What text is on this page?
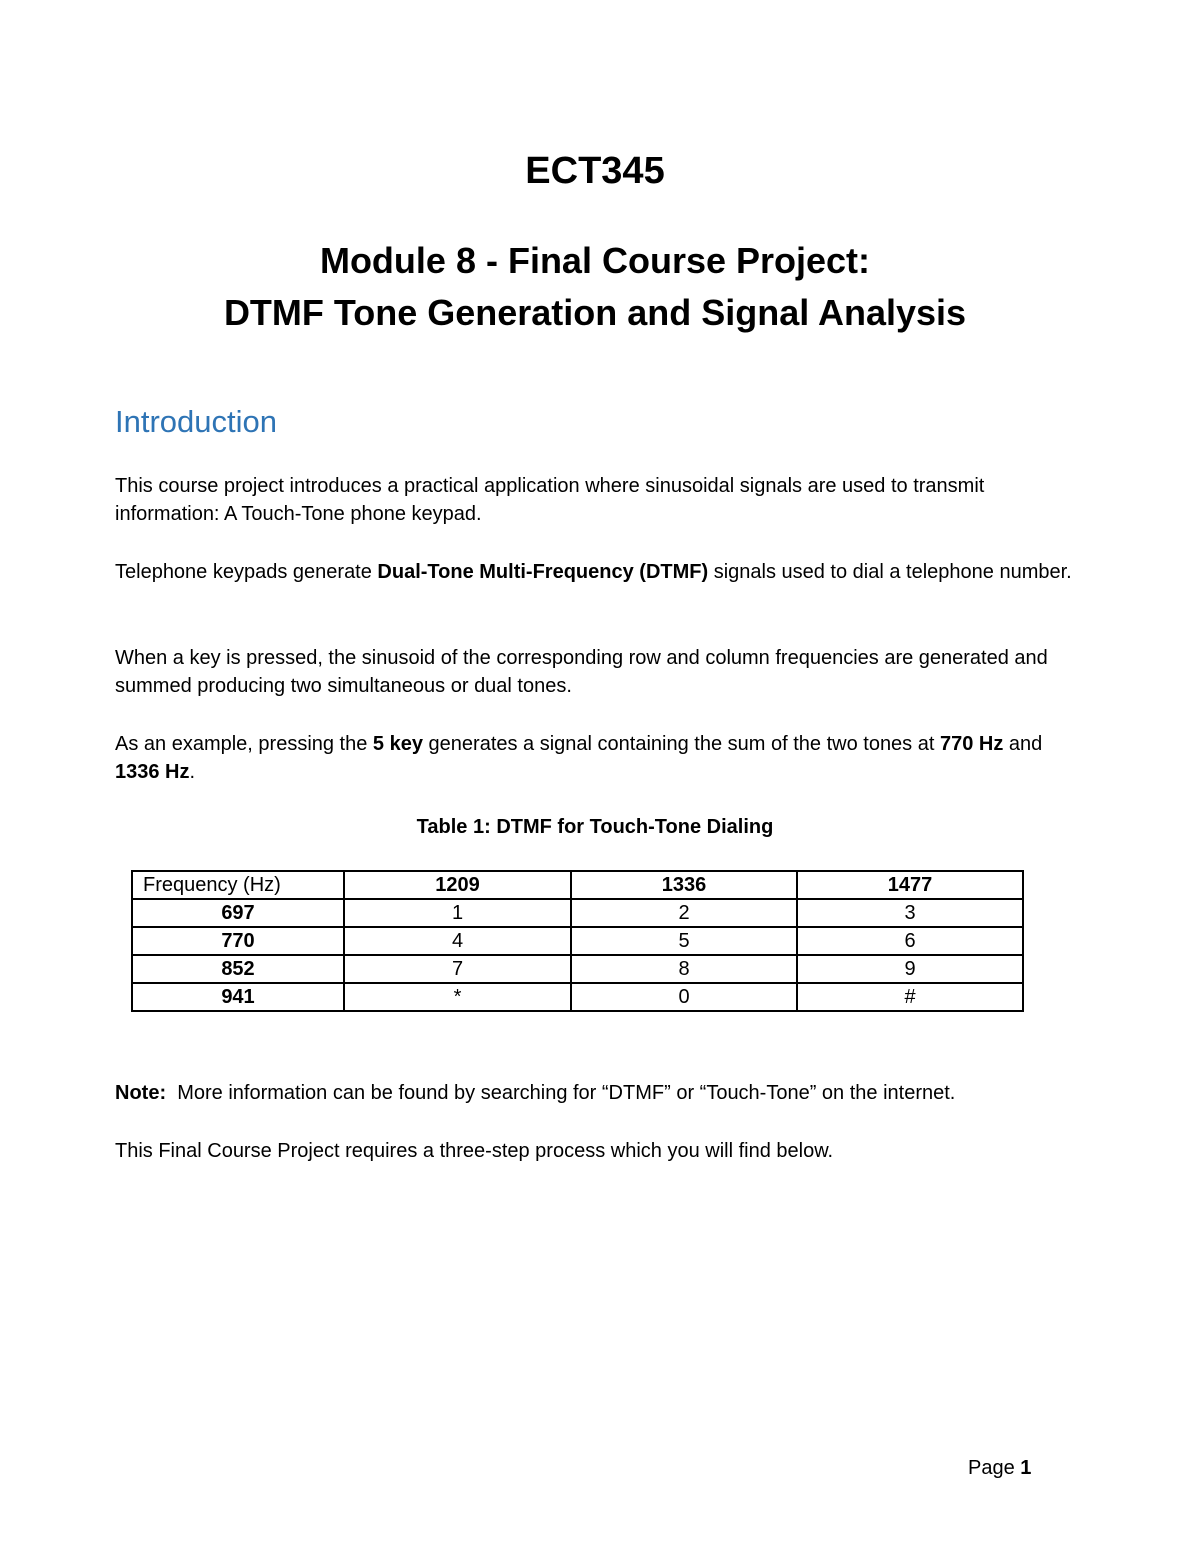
ECT345
Module 8 - Final Course Project:
DTMF Tone Generation and Signal Analysis
Introduction
This course project introduces a practical application where sinusoidal signals are used to transmit information: A Touch-Tone phone keypad.
Telephone keypads generate Dual-Tone Multi-Frequency (DTMF) signals used to dial a telephone number.
When a key is pressed, the sinusoid of the corresponding row and column frequencies are generated and summed producing two simultaneous or dual tones.
As an example, pressing the 5 key generates a signal containing the sum of the two tones at 770 Hz and 1336 Hz.
Table 1: DTMF for Touch-Tone Dialing
Frequency (Hz)	1209	1336	1477
697	1	2	3
770	4	5	6
852	7	8	9
941	*	0	#
Note:  More information can be found by searching for “DTMF” or “Touch-Tone” on the internet.
This Final Course Project requires a three-step process which you will find below.
Page 1
